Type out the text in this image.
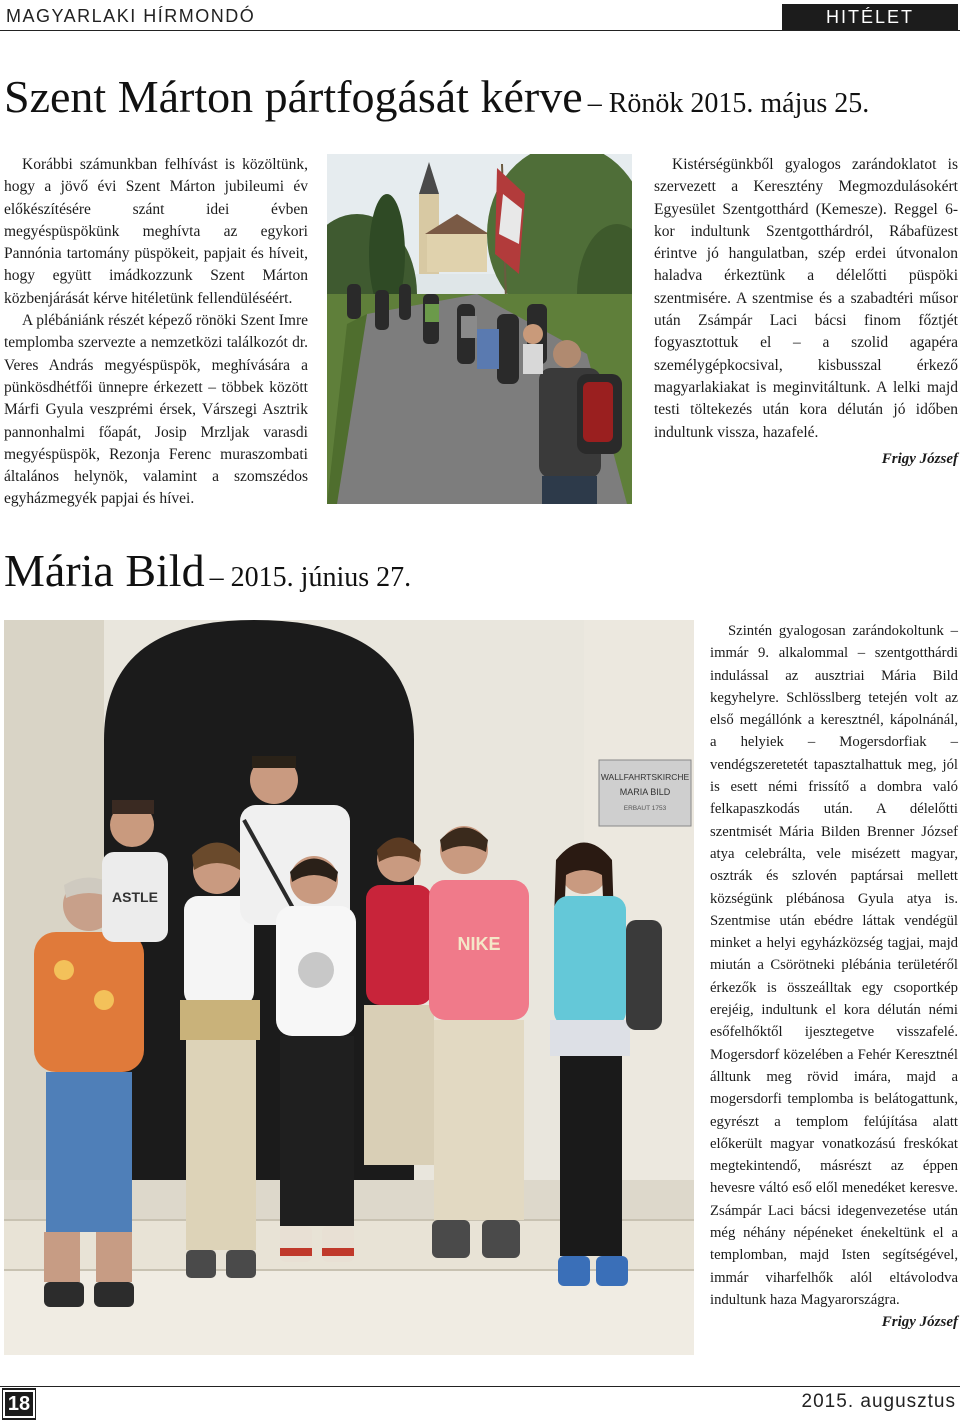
MAGYARLAKI HÍRMONDÓ	HITÉLET
Szent Márton pártfogását kérve – Rönök 2015. május 25.

Korábbi számunkban felhívást is közöltünk, hogy a jövő évi Szent Márton jubileumi év előkészítésére szánt idei évben megyéspüspökünk meghívta az egykori Pannónia tartomány püspökeit, papjait és híveit, hogy együtt imádkozzunk Szent Márton közbenjárását kérve hitéletünk fellendüléséért.

A plébániánk részét képező rönöki Szent Imre templomba szervezte a nemzetközi találkozót dr. Veres András megyéspüspök, meghívására a pünkösdhétfői ünnepre érkezett – többek között Márfi Gyula veszprémi érsek, Várszegi Asztrik pannonhalmi főapát, Josip Mrzljak varasdi megyéspüspök, Rezonja Ferenc muraszombati általános helynök, valamint a szomszédos egyházmegyék papjai és hívei.

Kistérségünkből gyalogos zarándoklatot is szervezett a Keresztény Megmozdulásokért Egyesület Szentgotthárd (Kemesze). Reggel 6-kor indultunk Szentgotthárdról, Rábafüzest érintve jó hangulatban, szép erdei útvonalon haladva érkeztünk a délelőtti püspöki szentmisére. A szentmise és a szabadtéri műsor után Zsámpár Laci bácsi finom főztjét fogyasztottuk el – a szolid agapéra személygépkocsival, kisbusszal érkező magyarlakiakat is meginvitáltunk. A lelki majd testi töltekezés után kora délután jó időben indultunk vissza, hazafelé.

Frigy József
Mária Bild – 2015. június 27.
WALLFAHRTSKIRCHE
MARIA BILD
ERBAUT 1753
ASTLE
NIKE

Szintén gyalogosan zarándokoltunk – immár 9. alkalommal – szentgotthárdi indulással az ausztriai Mária Bild kegyhelyre. Schlösslberg tetején volt az első megállónk a keresztnél, kápolnánál, a helyiek – Mogersdorfiak – vendégszeretetét tapasztalhattuk meg, jól is esett némi frissítő a dombra való felkapaszkodás után. A délelőtti szentmisét Mária Bilden Brenner József atya celebrálta, vele misézett magyar, osztrák és szlovén paptársai mellett községünk plébánosa Gyula atya is. Szentmise után ebédre láttak vendégül minket a helyi egyházközség tagjai, majd miután a Csörötneki plébánia területéről érkezők is összeálltak egy csoportkép erejéig, indultunk el kora délután némi esőfelhőktől ijesztegetve visszafelé. Mogersdorf közelében a Fehér Keresztnél álltunk meg rövid imára, majd a mogersdorfi templomba is belátogattunk, egyrészt a templom felújítása alatt előkerült magyar vonatkozású freskókat megtekintendő, másrészt az éppen hevesre váltó eső elől menedéket keresve. Zsámpár Laci bácsi idegenvezetése után még néhány népéneket énekeltünk el a templomban, majd Isten segítségével, immár viharfelhők alól eltávolodva indultunk haza Magyarországra.

Frigy József
18	2015. augusztus
